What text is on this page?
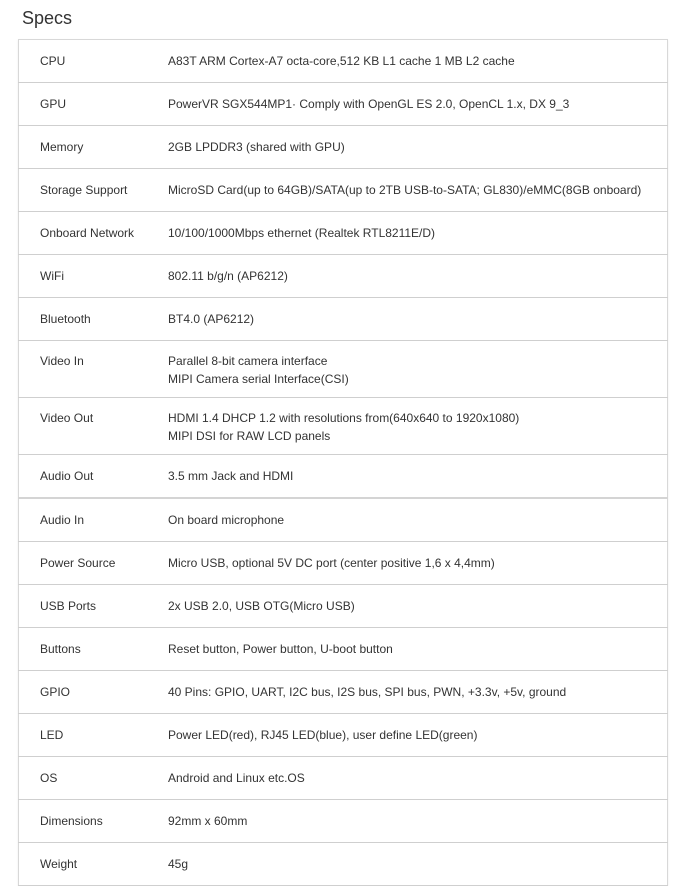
Specs
CPU	A83T ARM Cortex-A7 octa-core,512 KB L1 cache 1 MB L2 cache

GPU	PowerVR SGX544MP1· Comply with OpenGL ES 2.0, OpenCL 1.x, DX 9_3

Memory	2GB LPDDR3 (shared with GPU)

Storage Support	MicroSD Card(up to 64GB)/SATA(up to 2TB USB-to-SATA; GL830)/eMMC(8GB onboard)

Onboard Network	10/100/1000Mbps ethernet (Realtek RTL8211E/D)

WiFi	802.11 b/g/n (AP6212)

Bluetooth	BT4.0 (AP6212)

Video In	Parallel 8-bit camera interface
MIPI Camera serial Interface(CSI)

Video Out	HDMI 1.4 DHCP 1.2 with resolutions from(640x640 to 1920x1080)
MIPI DSI for RAW LCD panels

Audio Out	3.5 mm Jack and HDMI

Audio In	On board microphone

Power Source	Micro USB, optional 5V DC port (center positive 1,6 x 4,4mm)

USB Ports	2x USB 2.0, USB OTG(Micro USB)

Buttons	Reset button, Power button, U-boot button

GPIO	40 Pins: GPIO, UART, I2C bus, I2S bus, SPI bus, PWN, +3.3v, +5v, ground

LED	Power LED(red), RJ45 LED(blue), user define LED(green)

OS	Android and Linux etc.OS

Dimensions	92mm x 60mm

Weight	45g
